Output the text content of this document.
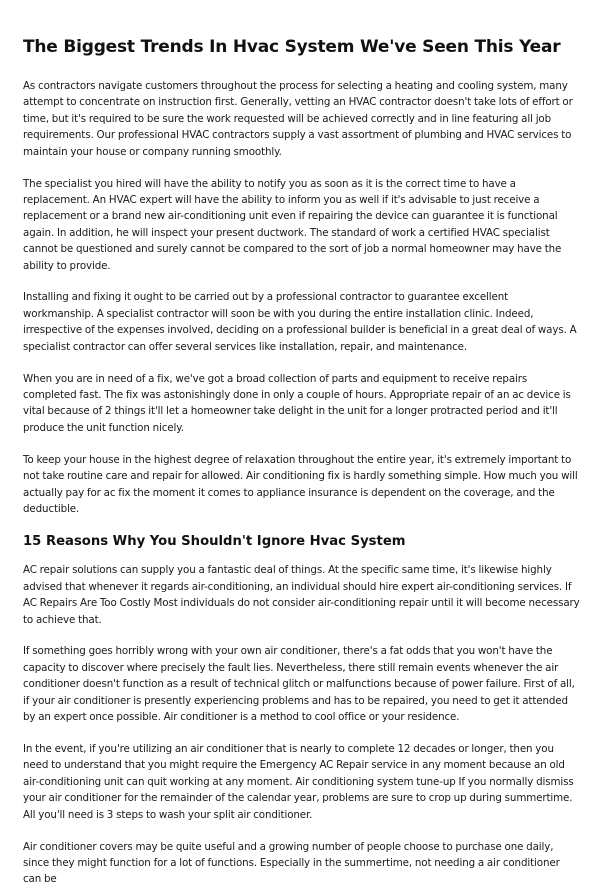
The Biggest Trends In Hvac System We've Seen This Year

As contractors navigate customers throughout the process for selecting a heating and cooling system, many attempt to concentrate on instruction first. Generally, vetting an HVAC contractor doesn't take lots of effort or time, but it's required to be sure the work requested will be achieved correctly and in line featuring all job requirements. Our professional HVAC contractors supply a vast assortment of plumbing and HVAC services to maintain your house or company running smoothly.

The specialist you hired will have the ability to notify you as soon as it is the correct time to have a replacement. An HVAC expert will have the ability to inform you as well if it's advisable to just receive a replacement or a brand new air-conditioning unit even if repairing the device can guarantee it is functional again. In addition, he will inspect your present ductwork. The standard of work a certified HVAC specialist cannot be questioned and surely cannot be compared to the sort of job a normal homeowner may have the ability to provide.

Installing and fixing it ought to be carried out by a professional contractor to guarantee excellent workmanship. A specialist contractor will soon be with you during the entire installation clinic. Indeed, irrespective of the expenses involved, deciding on a professional builder is beneficial in a great deal of ways. A specialist contractor can offer several services like installation, repair, and maintenance.

When you are in need of a fix, we've got a broad collection of parts and equipment to receive repairs completed fast. The fix was astonishingly done in only a couple of hours. Appropriate repair of an ac device is vital because of 2 things it'll let a homeowner take delight in the unit for a longer protracted period and it'll produce the unit function nicely.

To keep your house in the highest degree of relaxation throughout the entire year, it's extremely important to not take routine care and repair for allowed. Air conditioning fix is hardly something simple. How much you will actually pay for ac fix the moment it comes to appliance insurance is dependent on the coverage, and the deductible.

15 Reasons Why You Shouldn't Ignore Hvac System

AC repair solutions can supply you a fantastic deal of things. At the specific same time, it's likewise highly advised that whenever it regards air-conditioning, an individual should hire expert air-conditioning services. If AC Repairs Are Too Costly Most individuals do not consider air-conditioning repair until it will become necessary to achieve that.

If something goes horribly wrong with your own air conditioner, there's a fat odds that you won't have the capacity to discover where precisely the fault lies. Nevertheless, there still remain events whenever the air conditioner doesn't function as a result of technical glitch or malfunctions because of power failure. First of all, if your air conditioner is presently experiencing problems and has to be repaired, you need to get it attended by an expert once possible. Air conditioner is a method to cool office or your residence.

In the event, if you're utilizing an air conditioner that is nearly to complete 12 decades or longer, then you need to understand that you might require the Emergency AC Repair service in any moment because an old air-conditioning unit can quit working at any moment. Air conditioning system tune-up If you normally dismiss your air conditioner for the remainder of the calendar year, problems are sure to crop up during summertime. All you'll need is 3 steps to wash your split air conditioner.

Air conditioner covers may be quite useful and a growing number of people choose to purchase one daily, since they might function for a lot of functions. Especially in the summertime, not needing a air conditioner can be
